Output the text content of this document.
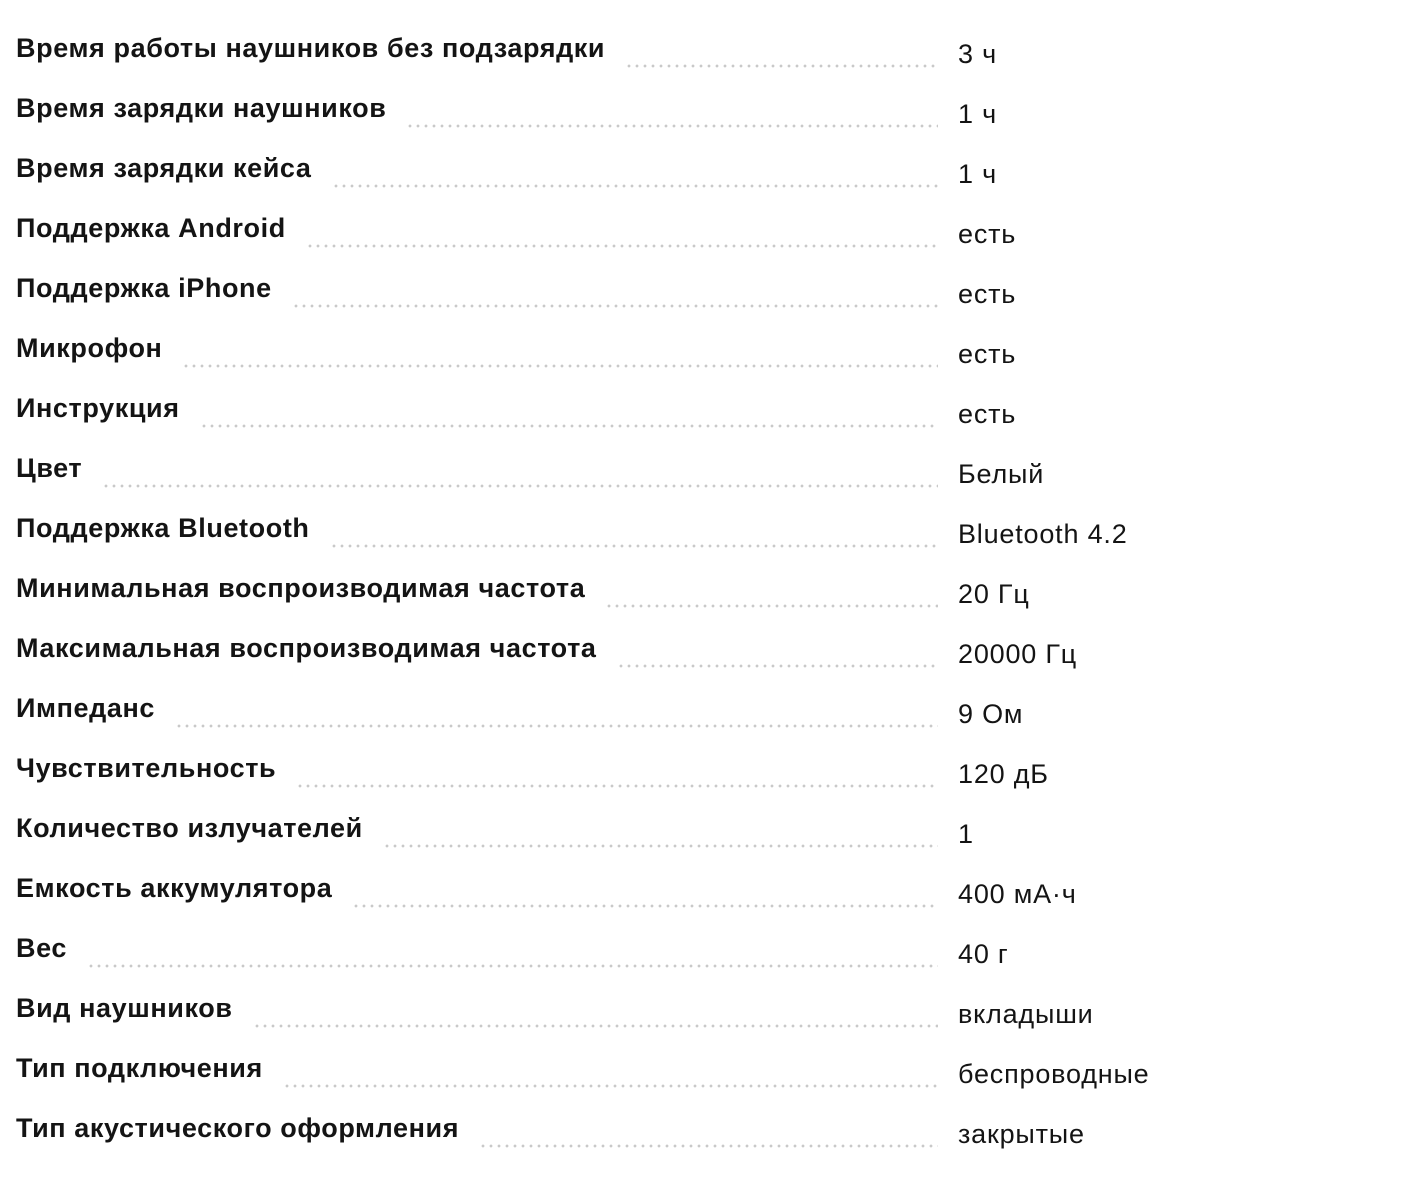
Время работы наушников без подзарядки	3 ч
Время зарядки наушников	1 ч
Время зарядки кейса	1 ч
Поддержка Android	есть
Поддержка iPhone	есть
Микрофон	есть
Инструкция	есть
Цвет	Белый
Поддержка Bluetooth	Bluetooth 4.2
Минимальная воспроизводимая частота	20 Гц
Максимальная воспроизводимая частота	20000 Гц
Импеданс	9 Ом
Чувствительность	120 дБ
Количество излучателей	1
Емкость аккумулятора	400 мА·ч
Вес	40 г
Вид наушников	вкладыши
Тип подключения	беспроводные
Тип акустического оформления	закрытые
